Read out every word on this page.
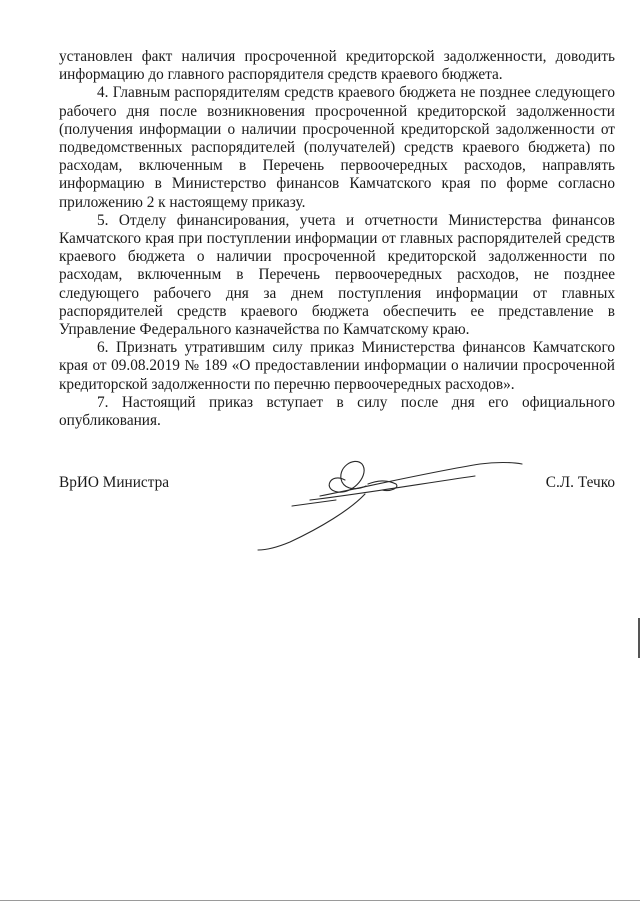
установлен факт наличия просроченной кредиторской задолженности, доводить информацию до главного распорядителя средств краевого бюджета.

4. Главным распорядителям средств краевого бюджета не позднее следующего рабочего дня после возникновения просроченной кредиторской задолженности (получения информации о наличии просроченной кредиторской задолженности от подведомственных распорядителей (получателей) средств краевого бюджета) по расходам, включенным в Перечень первоочередных расходов, направлять информацию в Министерство финансов Камчатского края по форме согласно приложению 2 к настоящему приказу.

5. Отделу финансирования, учета и отчетности Министерства финансов Камчатского края при поступлении информации от главных распорядителей средств краевого бюджета о наличии просроченной кредиторской задолженности по расходам, включенным в Перечень первоочередных расходов, не позднее следующего рабочего дня за днем поступления информации от главных распорядителей средств краевого бюджета обеспечить ее представление в Управление Федерального казначейства по Камчатскому краю.

6. Признать утратившим силу приказ Министерства финансов Камчатского края от 09.08.2019 № 189 «О предоставлении информации о наличии просроченной кредиторской задолженности по перечню первоочередных расходов».

7. Настоящий приказ вступает в силу после дня его официального опубликования.

ВрИО Министра	С.Л. Течко
